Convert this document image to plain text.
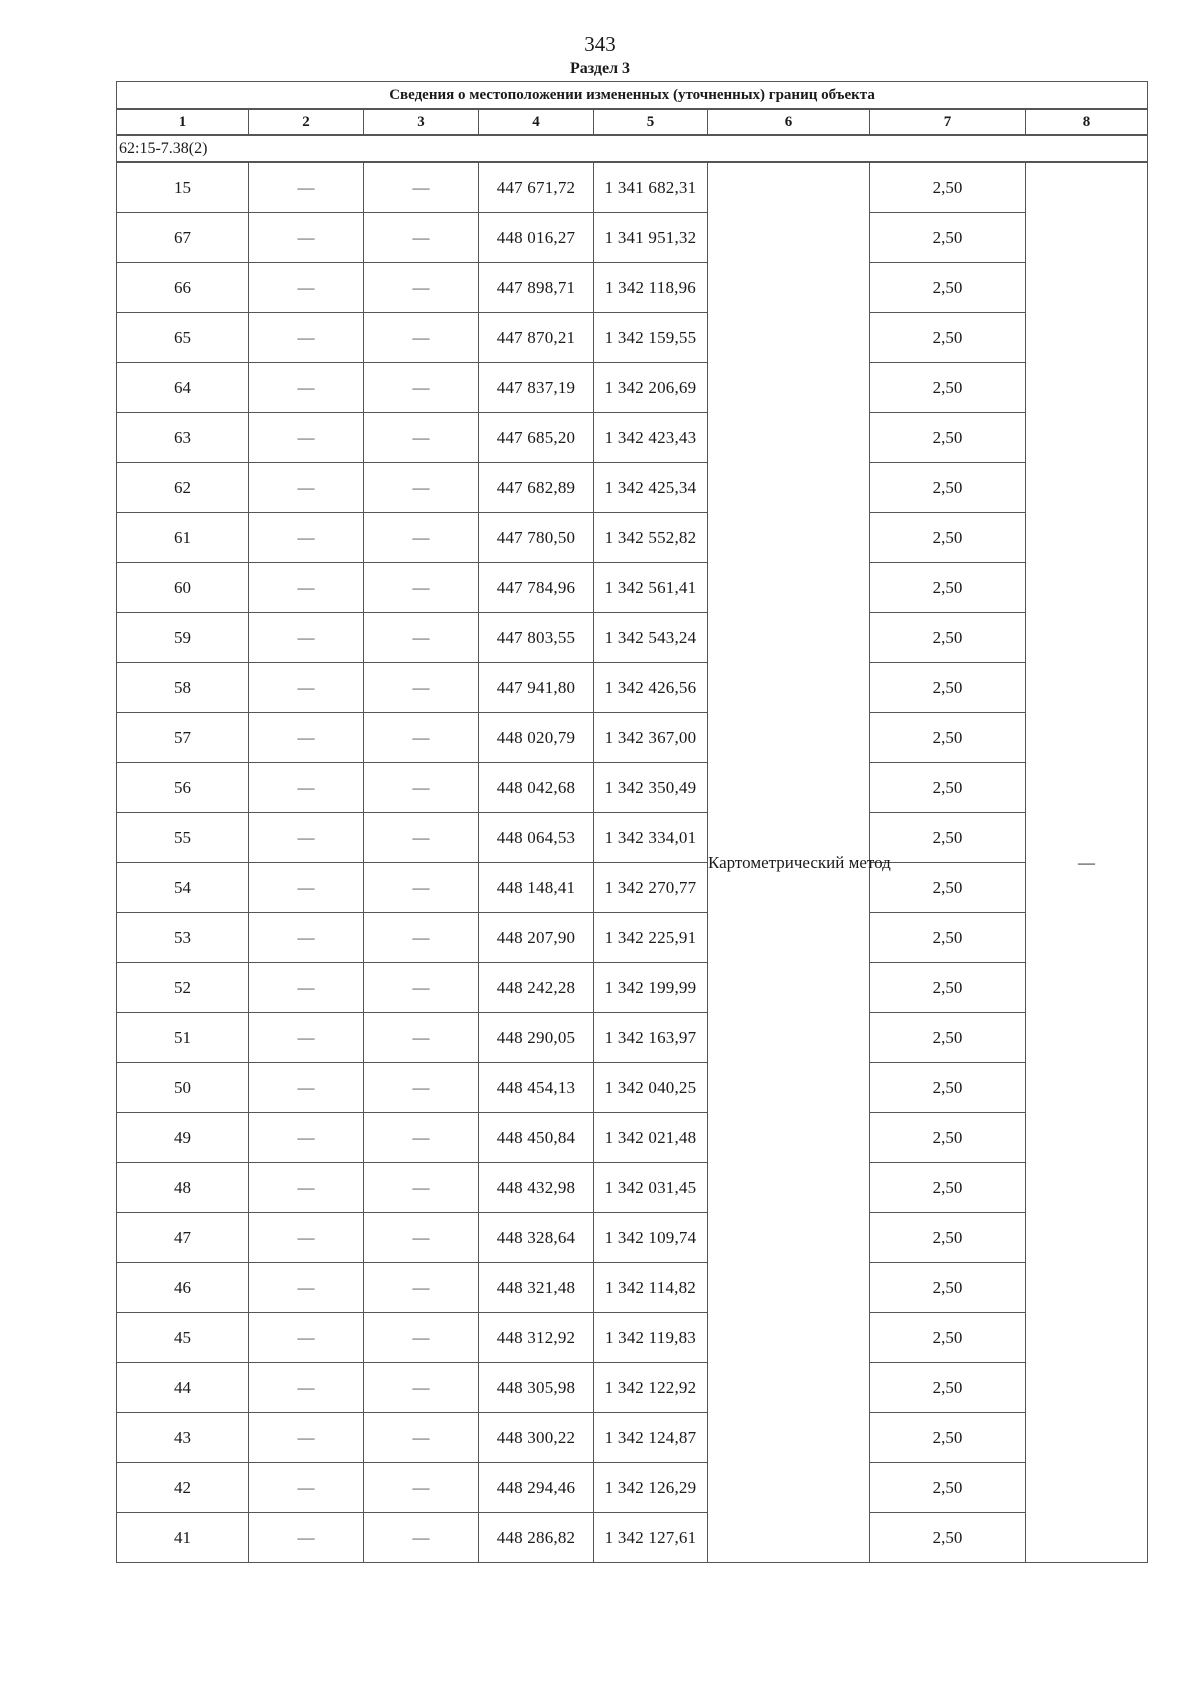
343
Раздел 3
Сведения о местоположении измененных (уточненных) границ объекта							
1	2	3	4	5	6	7	8
62:15-7.38(2)							
15	—	—	447 671,72	1 341 682,31	Картометрический метод	2,50	—
67	—	—	448 016,27	1 341 951,32		2,50	
66	—	—	447 898,71	1 342 118,96		2,50	
65	—	—	447 870,21	1 342 159,55		2,50	
64	—	—	447 837,19	1 342 206,69		2,50	
63	—	—	447 685,20	1 342 423,43		2,50	
62	—	—	447 682,89	1 342 425,34		2,50	
61	—	—	447 780,50	1 342 552,82		2,50	
60	—	—	447 784,96	1 342 561,41		2,50	
59	—	—	447 803,55	1 342 543,24		2,50	
58	—	—	447 941,80	1 342 426,56		2,50	
57	—	—	448 020,79	1 342 367,00		2,50	
56	—	—	448 042,68	1 342 350,49		2,50	
55	—	—	448 064,53	1 342 334,01		2,50	
54	—	—	448 148,41	1 342 270,77		2,50	
53	—	—	448 207,90	1 342 225,91		2,50	
52	—	—	448 242,28	1 342 199,99		2,50	
51	—	—	448 290,05	1 342 163,97		2,50	
50	—	—	448 454,13	1 342 040,25		2,50	
49	—	—	448 450,84	1 342 021,48		2,50	
48	—	—	448 432,98	1 342 031,45		2,50	
47	—	—	448 328,64	1 342 109,74		2,50	
46	—	—	448 321,48	1 342 114,82		2,50	
45	—	—	448 312,92	1 342 119,83		2,50	
44	—	—	448 305,98	1 342 122,92		2,50	
43	—	—	448 300,22	1 342 124,87		2,50	
42	—	—	448 294,46	1 342 126,29		2,50	
41	—	—	448 286,82	1 342 127,61		2,50	
